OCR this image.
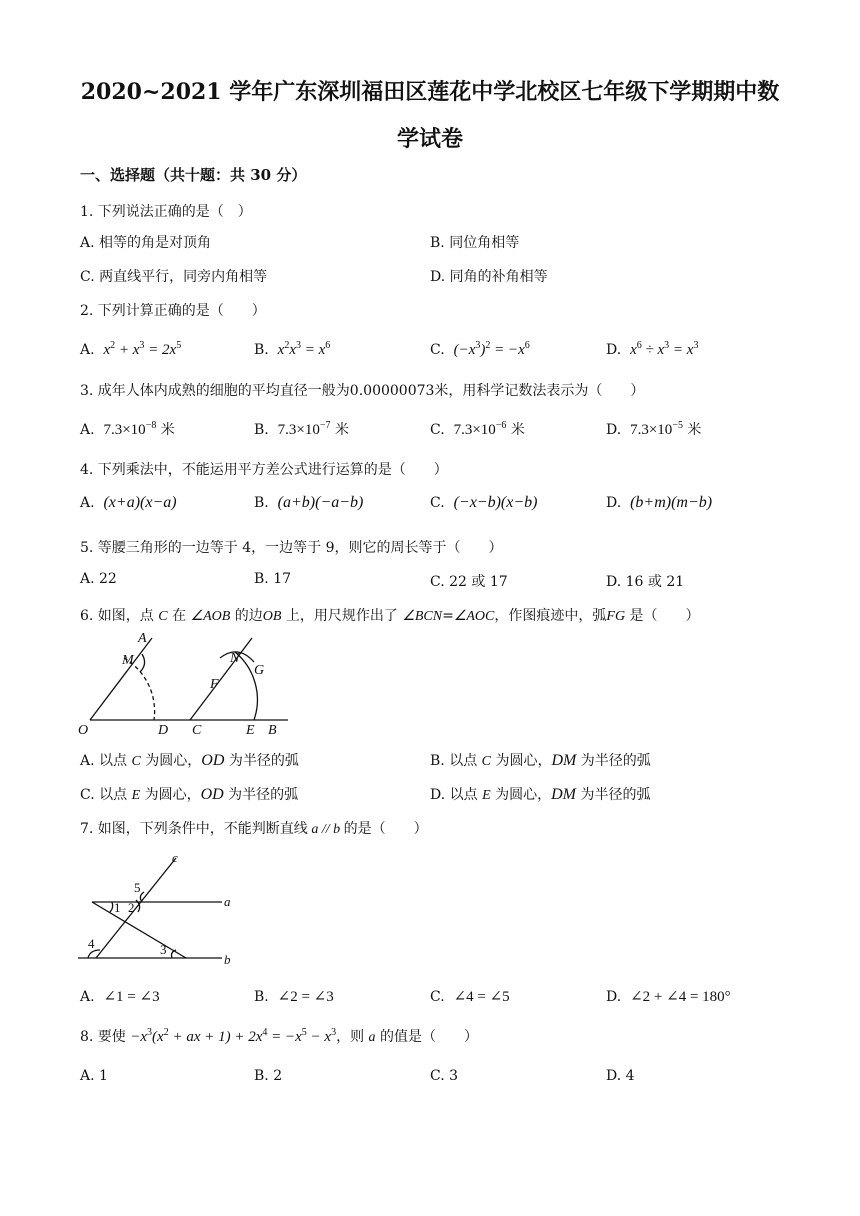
2020~2021 学年广东深圳福田区莲花中学北校区七年级下学期期中数
学试卷
一、选择题（共十题：共 30 分）
1. 下列说法正确的是（　）
A. 相等的角是对顶角	B. 同位角相等
C. 两直线平行，同旁内角相等	D. 同角的补角相等
2. 下列计算正确的是（　　）
A. $x^2 + x^3 = 2x^5$	B. $x^2x^3 = x^6$	C. $(-x^3)^2 = -x^6$	D. $x^6 \div x^3 = x^3$
3. 成年人体内成熟的细胞的平均直径一般为0.00000073米，用科学记数法表示为（　　）
A. $7.3\times 10^{-8}$ 米	B. $7.3\times 10^{-7}$ 米	C. $7.3\times 10^{-6}$ 米	D. $7.3\times 10^{-5}$ 米
4. 下列乘法中，不能运用平方差公式进行运算的是（　　）
A. (x+a)(x−a)	B. (a+b)(−a−b)	C. (−x−b)(x−b)	D. (b+m)(m−b)
5. 等腰三角形的一边等于 4，一边等于 9，则它的周长等于（　　）
A. 22	B. 17	C. 22 或 17	D. 16 或 21
6. 如图，点 C 在 ∠AOB 的边OB 上，用尺规作出了 ∠BCN=∠AOC，作图痕迹中，弧FG 是（　　）
A
M	N
G
F
O	D C	E B
A. 以点 C 为圆心，OD 为半径的弧	B. 以点 C 为圆心，DM 为半径的弧
C. 以点 E 为圆心，OD 为半径的弧	D. 以点 E 为圆心，DM 为半径的弧
7. 如图，下列条件中，不能判断直线 a // b 的是（　　）
c
5
a
1 2
4	3
b
A. ∠1 = ∠3	B. ∠2 = ∠3	C. ∠4 = ∠5	D. ∠2 + ∠4 = 180°
8. 要使 $-x^3(x^2$ + ax + $1) + 2x^4 = -x^5 - x^3$，则 a 的值是（　　）
A. 1	B. 2	C. 3	D. 4
